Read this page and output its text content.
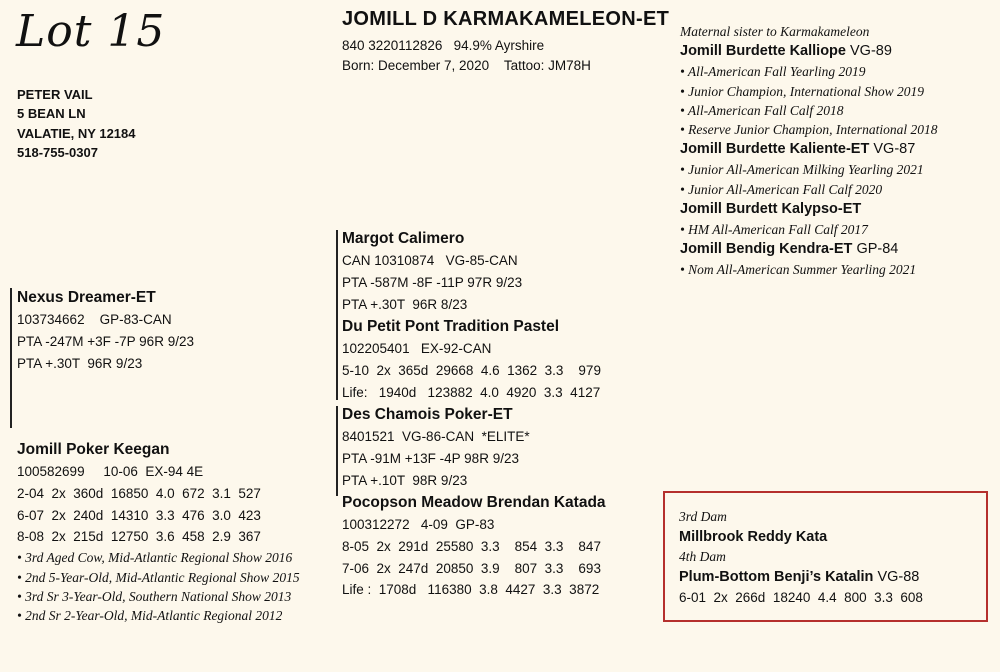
Lot 15
PETER VAIL
5 BEAN LN
VALATIE, NY 12184
518-755-0307
JOMILL D KARMAKAMELEON-ET
840 3220112826   94.9% Ayrshire
Born: December 7, 2020    Tattoo: JM78H
Maternal sister to Karmakameleon
Jomill Burdette Kalliope VG-89
• All-American Fall Yearling 2019
• Junior Champion, International Show 2019
• All-American Fall Calf 2018
• Reserve Junior Champion, International 2018
Jomill Burdette Kaliente-ET VG-87
• Junior All-American Milking Yearling 2021
• Junior All-American Fall Calf 2020
Jomill Burdett Kalypso-ET
• HM All-American Fall Calf 2017
Jomill Bendig Kendra-ET GP-84
• Nom All-American Summer Yearling 2021
Nexus Dreamer-ET
103734662    GP-83-CAN
PTA -247M +3F -7P 96R 9/23
PTA +.30T  96R 9/23
Jomill Poker Keegan
100582699     10-06  EX-94 4E
2-04  2x  360d  16850  4.0  672  3.1  527
6-07  2x  240d  14310  3.3  476  3.0  423
8-08  2x  215d  12750  3.6  458  2.9  367
• 3rd Aged Cow, Mid-Atlantic Regional Show 2016
• 2nd 5-Year-Old, Mid-Atlantic Regional Show 2015
• 3rd Sr 3-Year-Old, Southern National Show 2013
• 2nd Sr 2-Year-Old, Mid-Atlantic Regional 2012
Margot Calimero
CAN 10310874   VG-85-CAN
PTA -587M -8F -11P 97R 9/23
PTA +.30T  96R 8/23
Du Petit Pont Tradition Pastel
102205401   EX-92-CAN
5-10  2x  365d  29668  4.6  1362  3.3    979
Life:   1940d   123882  4.0  4920  3.3  4127
Des Chamois Poker-ET
8401521  VG-86-CAN  *ELITE*
PTA -91M +13F -4P 98R 9/23
PTA +.10T  98R 9/23
Pocopson Meadow Brendan Katada
100312272   4-09  GP-83
8-05  2x  291d  25580  3.3    854  3.3    847
7-06  2x  247d  20850  3.9    807  3.3    693
Life :  1708d   116380  3.8  4427  3.3  3872
3rd Dam
Millbrook Reddy Kata
4th Dam
Plum-Bottom Benji’s Katalin VG-88
6-01  2x  266d  18240  4.4  800  3.3  608
